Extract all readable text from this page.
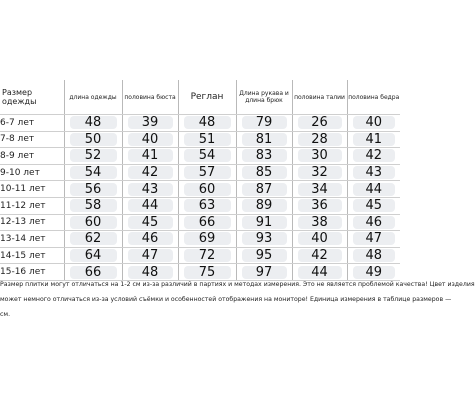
Размер одежды	длина одежды	половина бюста	Реглан	Длина рукава и длина брюк	половина талии	половина бедра
6-7 лет	48	39	48	79	26	40

7-8 лет	50	40	51	81	28	41

8-9 лет	52	41	54	83	30	42

9-10 лет	54	42	57	85	32	43

10-11 лет	56	43	60	87	34	44

11-12 лет	58	44	63	89	36	45

12-13 лет	60	45	66	91	38	46

13-14 лет	62	46	69	93	40	47

14-15 лет	64	47	72	95	42	48

15-16 лет	66	48	75	97	44	49
Размер плитки могут отличаться на 1-2 см из-за различий в партиях и методах измерения. Это не является проблемой качества! Цвет изделия
может немного отличаться из-за условий съёмки и особенностей отображения на мониторе! Единица измерения в таблице размеров —
см.
